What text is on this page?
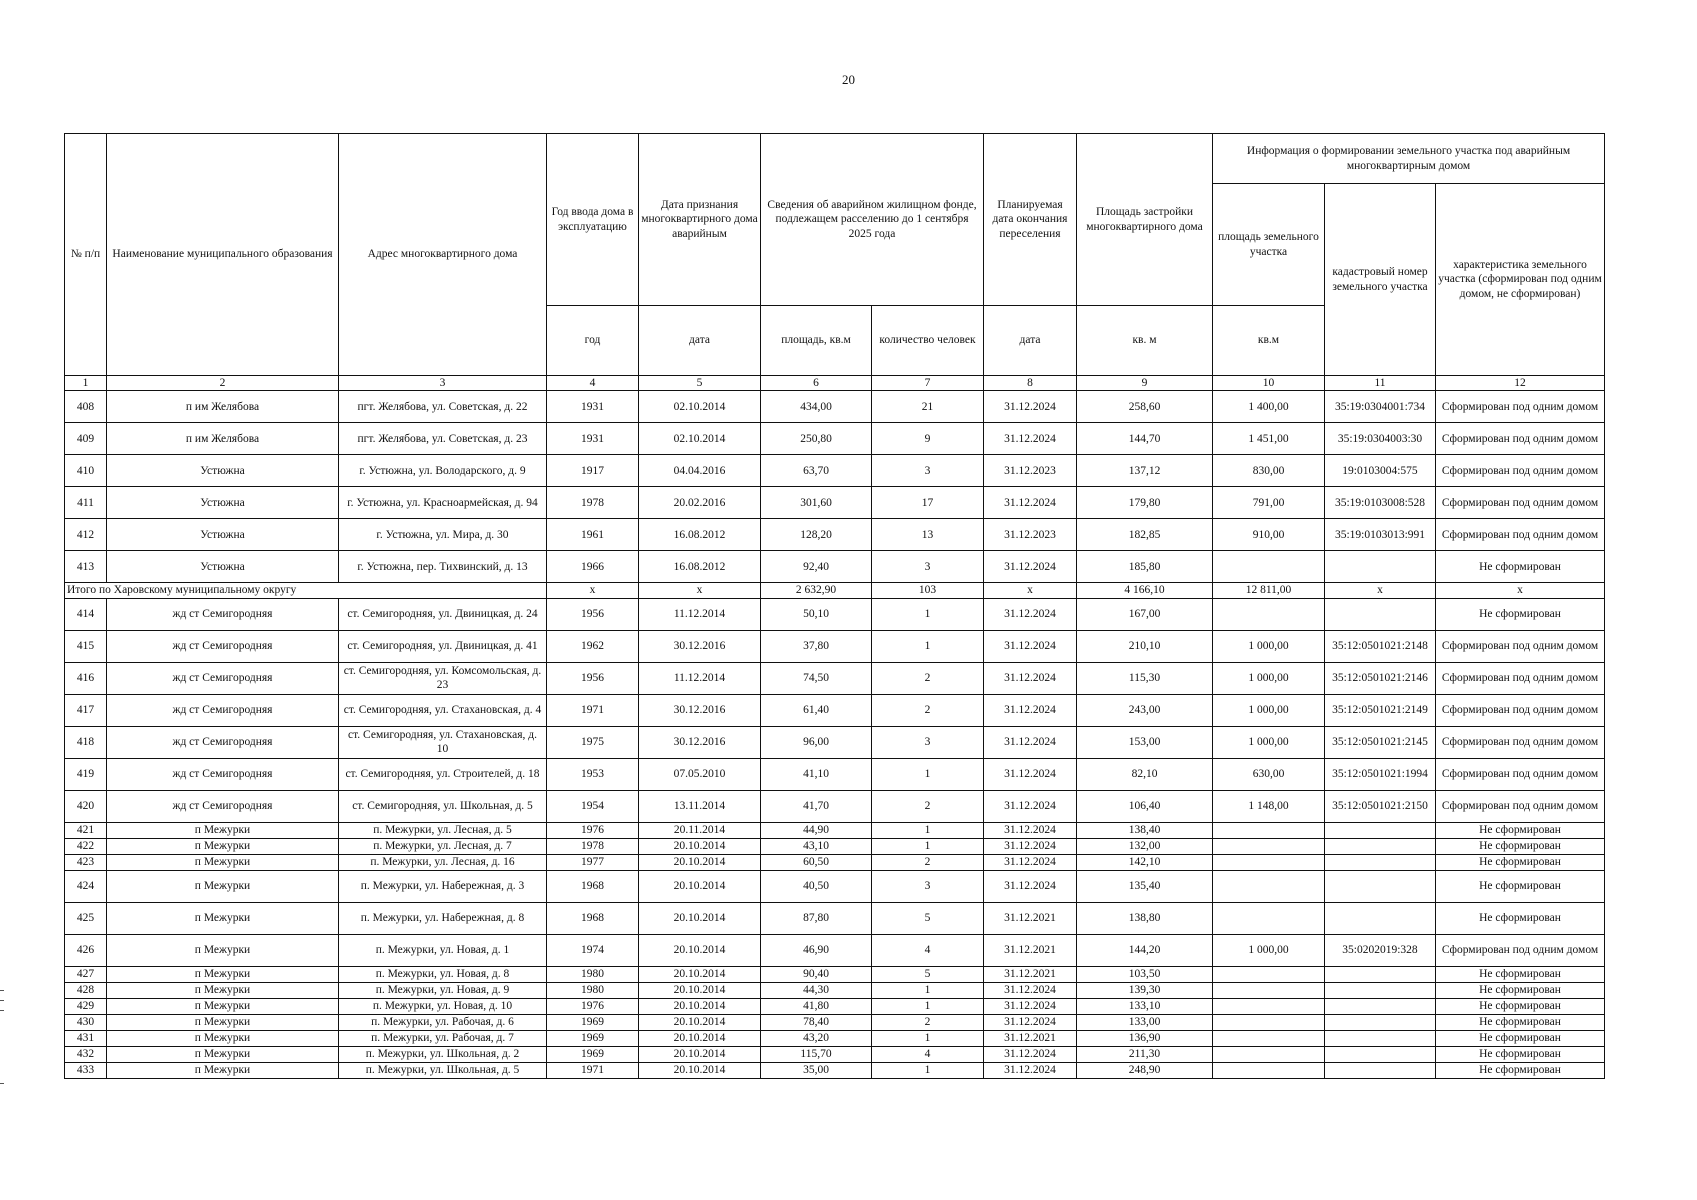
20
№ п/п	Наименование муниципального образования	Адрес многоквартирного дома	Год ввода дома в эксплуатацию	Дата признания многоквартирного дома аварийным	Сведения об аварийном жилищном фонде, подлежащем расселению до 1 сентября 2025 года		Планируемая дата окончания переселения	Площадь застройки многоквартирного дома	Информация о формировании земельного участка под аварийным многоквартирным домом		
									площадь земельного участка	кадастровый номер земельного участка	характеристика земельного участка (сформирован под одним домом, не сформирован)
			год	дата	площадь, кв.м	количество человек	дата	кв. м	кв.м		
1	2	3	4	5	6	7	8	9	10	11	12
408	п им Желябова	пгт. Желябова, ул. Советская, д. 22	1931	02.10.2014	434,00	21	31.12.2024	258,60	1 400,00	35:19:0304001:734	Сформирован под одним домом
409	п им Желябова	пгт. Желябова, ул. Советская, д. 23	1931	02.10.2014	250,80	9	31.12.2024	144,70	1 451,00	35:19:0304003:30	Сформирован под одним домом
410	Устюжна	г. Устюжна, ул. Володарского, д. 9	1917	04.04.2016	63,70	3	31.12.2023	137,12	830,00	19:0103004:575	Сформирован под одним домом
411	Устюжна	г. Устюжна, ул. Красноармейская, д. 94	1978	20.02.2016	301,60	17	31.12.2024	179,80	791,00	35:19:0103008:528	Сформирован под одним домом
412	Устюжна	г. Устюжна, ул. Мира, д. 30	1961	16.08.2012	128,20	13	31.12.2023	182,85	910,00	35:19:0103013:991	Сформирован под одним домом
413	Устюжна	г. Устюжна, пер. Тихвинский, д. 13	1966	16.08.2012	92,40	3	31.12.2024	185,80			Не сформирован
Итого по Харовскому муниципальному округу			х	х	2 632,90	103	х	4 166,10	12 811,00	х	х
414	жд ст Семигородняя	ст. Семигородняя, ул. Двиницкая, д. 24	1956	11.12.2014	50,10	1	31.12.2024	167,00			Не сформирован
415	жд ст Семигородняя	ст. Семигородняя, ул. Двиницкая, д. 41	1962	30.12.2016	37,80	1	31.12.2024	210,10	1 000,00	35:12:0501021:2148	Сформирован под одним домом
416	жд ст Семигородняя	ст. Семигородняя, ул. Комсомольская, д. 23	1956	11.12.2014	74,50	2	31.12.2024	115,30	1 000,00	35:12:0501021:2146	Сформирован под одним домом
417	жд ст Семигородняя	ст. Семигородняя, ул. Стахановская, д. 4	1971	30.12.2016	61,40	2	31.12.2024	243,00	1 000,00	35:12:0501021:2149	Сформирован под одним домом
418	жд ст Семигородняя	ст. Семигородняя, ул. Стахановская, д. 10	1975	30.12.2016	96,00	3	31.12.2024	153,00	1 000,00	35:12:0501021:2145	Сформирован под одним домом
419	жд ст Семигородняя	ст. Семигородняя, ул. Строителей, д. 18	1953	07.05.2010	41,10	1	31.12.2024	82,10	630,00	35:12:0501021:1994	Сформирован под одним домом
420	жд ст Семигородняя	ст. Семигородняя, ул. Школьная, д. 5	1954	13.11.2014	41,70	2	31.12.2024	106,40	1 148,00	35:12:0501021:2150	Сформирован под одним домом
421	п Межурки	п. Межурки, ул. Лесная, д. 5	1976	20.11.2014	44,90	1	31.12.2024	138,40			Не сформирован
422	п Межурки	п. Межурки, ул. Лесная, д. 7	1978	20.10.2014	43,10	1	31.12.2024	132,00			Не сформирован
423	п Межурки	п. Межурки, ул. Лесная, д. 16	1977	20.10.2014	60,50	2	31.12.2024	142,10			Не сформирован
424	п Межурки	п. Межурки, ул. Набережная, д. 3	1968	20.10.2014	40,50	3	31.12.2024	135,40			Не сформирован
425	п Межурки	п. Межурки, ул. Набережная, д. 8	1968	20.10.2014	87,80	5	31.12.2021	138,80			Не сформирован
426	п Межурки	п. Межурки, ул. Новая, д. 1	1974	20.10.2014	46,90	4	31.12.2021	144,20	1 000,00	35:0202019:328	Сформирован под одним домом
427	п Межурки	п. Межурки, ул. Новая, д. 8	1980	20.10.2014	90,40	5	31.12.2021	103,50			Не сформирован
428	п Межурки	п. Межурки, ул. Новая, д. 9	1980	20.10.2014	44,30	1	31.12.2024	139,30			Не сформирован
429	п Межурки	п. Межурки, ул. Новая, д. 10	1976	20.10.2014	41,80	1	31.12.2024	133,10			Не сформирован
430	п Межурки	п. Межурки, ул. Рабочая, д. 6	1969	20.10.2014	78,40	2	31.12.2024	133,00			Не сформирован
431	п Межурки	п. Межурки, ул. Рабочая, д. 7	1969	20.10.2014	43,20	1	31.12.2021	136,90			Не сформирован
432	п Межурки	п. Межурки, ул. Школьная, д. 2	1969	20.10.2014	115,70	4	31.12.2024	211,30			Не сформирован
433	п Межурки	п. Межурки, ул. Школьная, д. 5	1971	20.10.2014	35,00	1	31.12.2024	248,90			Не сформирован
